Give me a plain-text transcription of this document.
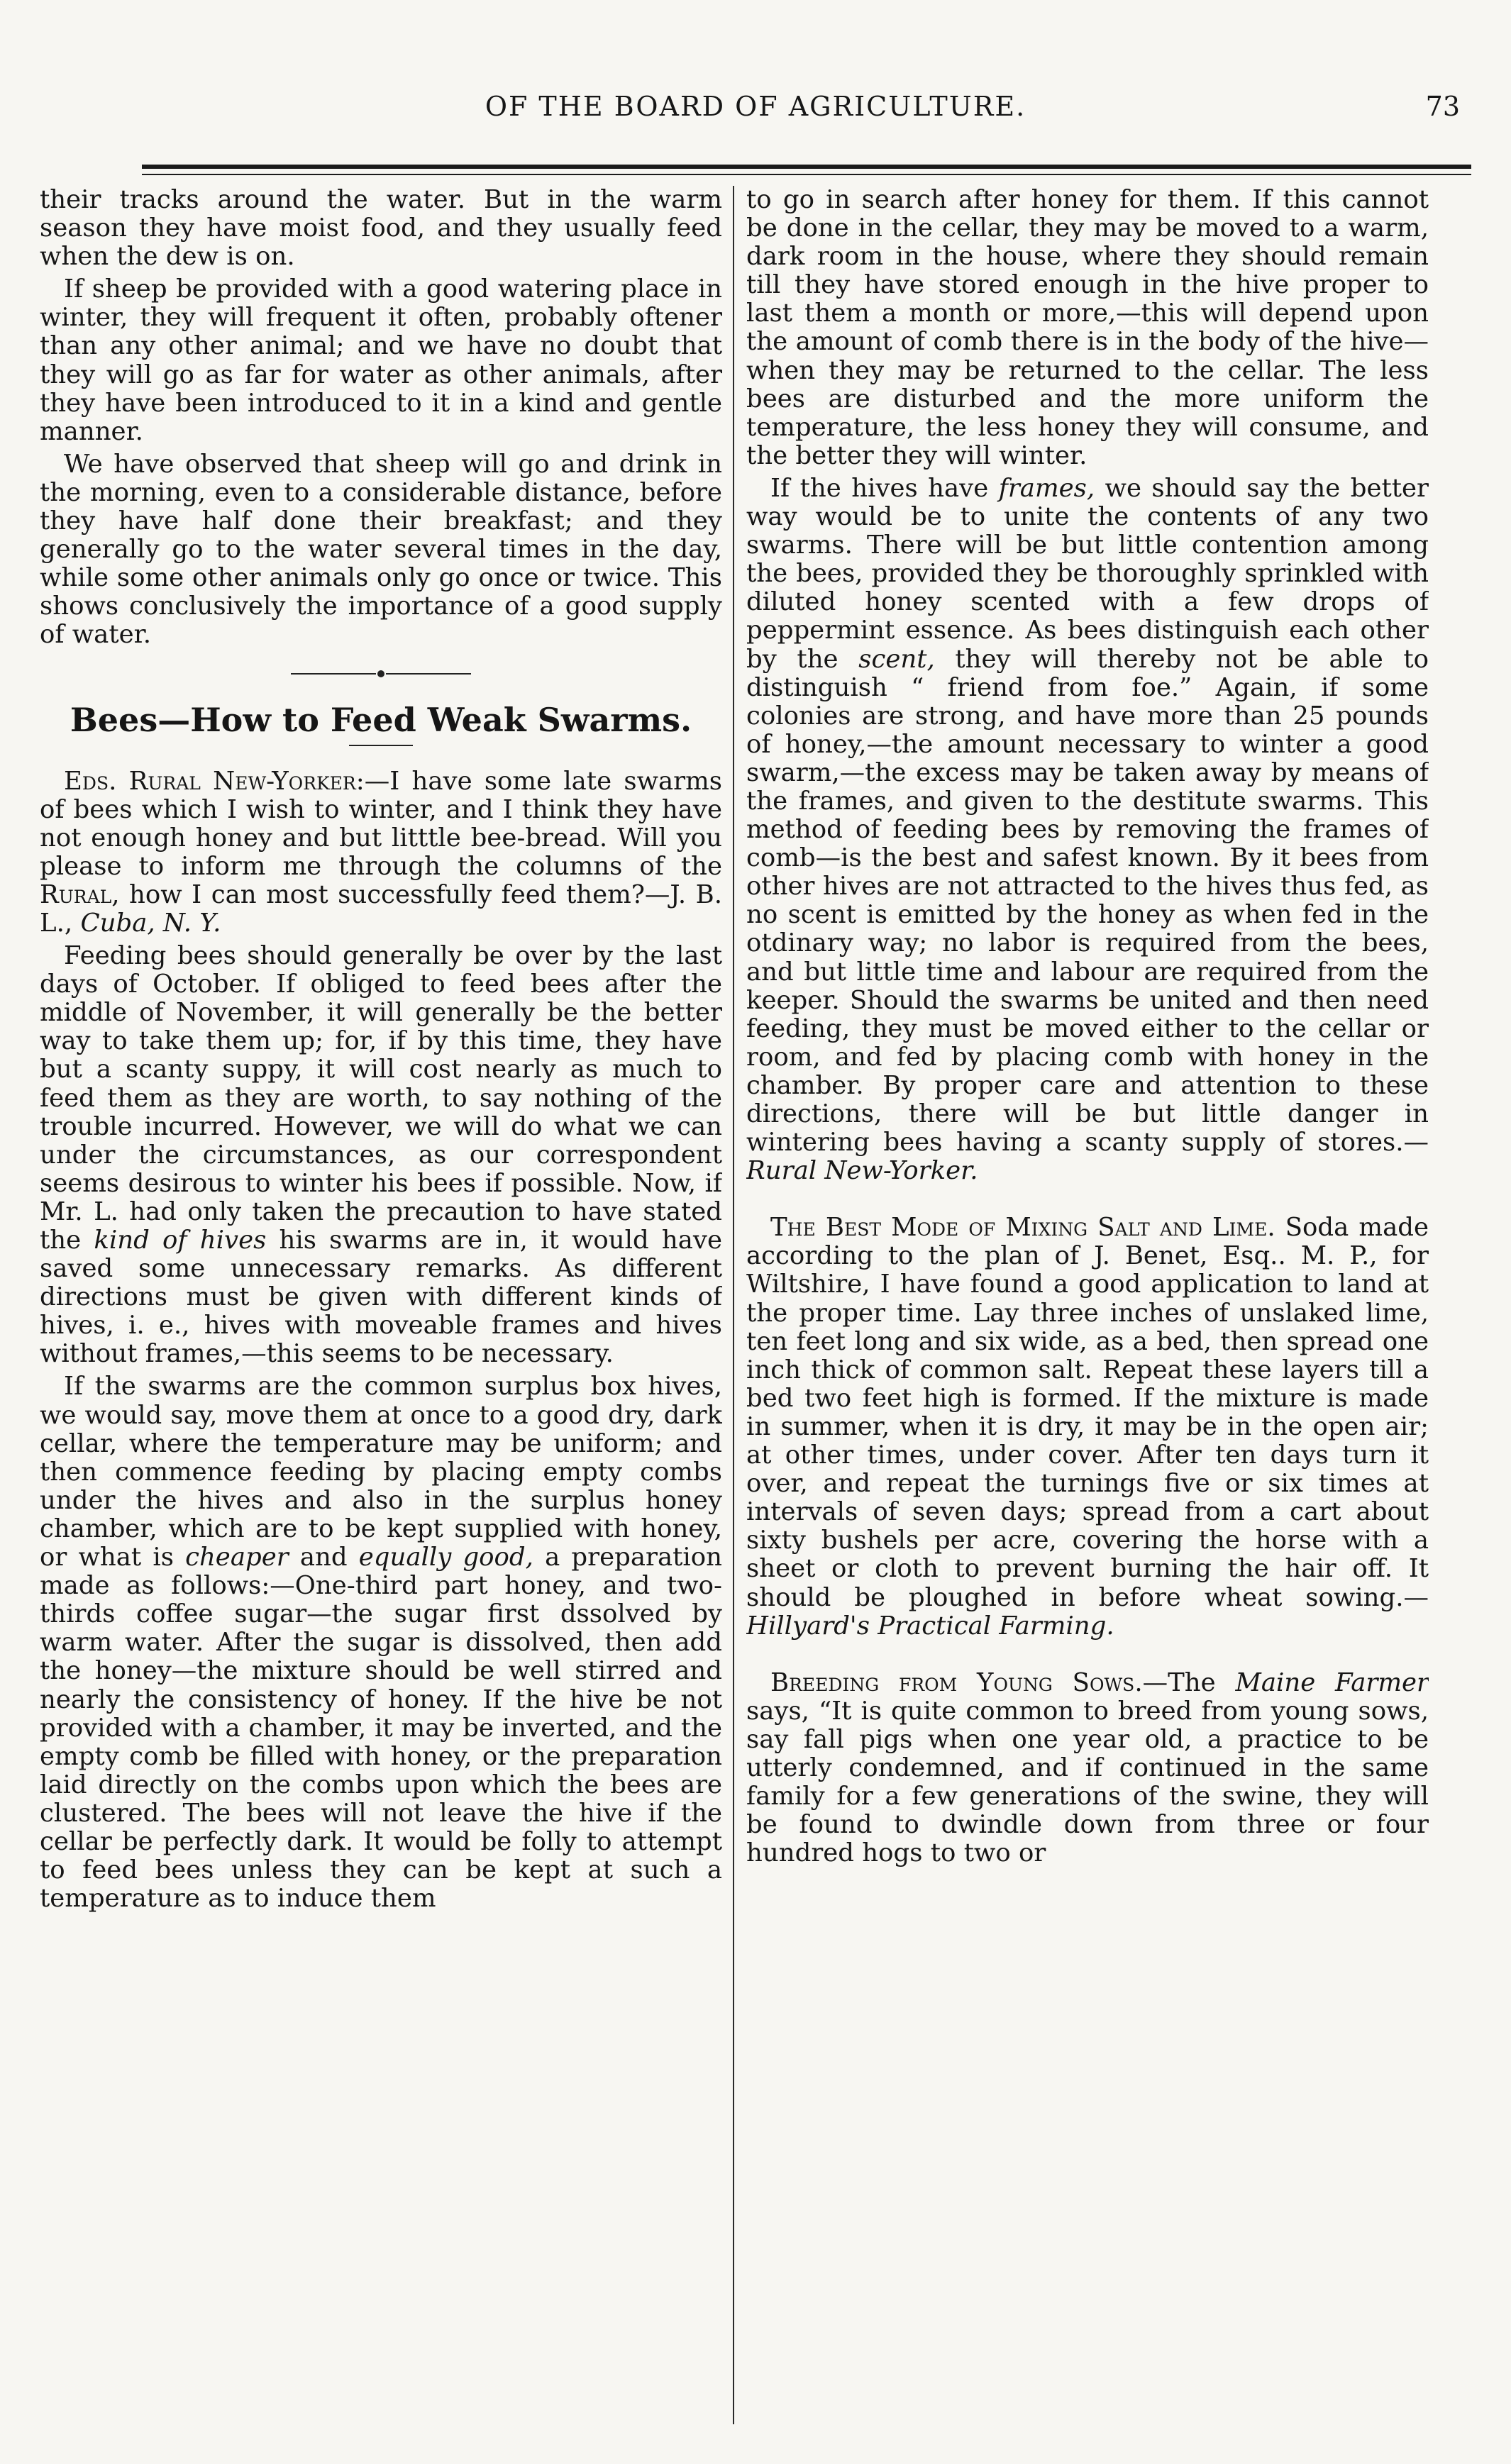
OF THE BOARD OF AGRICULTURE.	73

their tracks around the water. But in the warm season they have moist food, and they usually feed when the dew is on.

If sheep be provided with a good watering place in winter, they will frequent it often, probably oftener than any other animal; and we have no doubt that they will go as far for water as other animals, after they have been introduced to it in a kind and gentle manner.

We have observed that sheep will go and drink in the morning, even to a considerable distance, before they have half done their breakfast; and they generally go to the water several times in the day, while some other animals only go once or twice. This shows conclusively the importance of a good supply of water.

Bees—How to Feed Weak Swarms.

Eds. Rural New-Yorker:—I have some late swarms of bees which I wish to winter, and I think they have not enough honey and but litttle bee-bread. Will you please to inform me through the columns of the Rural, how I can most successfully feed them?—J. B. L., Cuba, N. Y.

Feeding bees should generally be over by the last days of October. If obliged to feed bees after the middle of November, it will generally be the better way to take them up; for, if by this time, they have but a scanty suppy, it will cost nearly as much to feed them as they are worth, to say nothing of the trouble incurred. However, we will do what we can under the circumstances, as our correspondent seems desirous to winter his bees if possible. Now, if Mr. L. had only taken the precaution to have stated the kind of hives his swarms are in, it would have saved some unnecessary remarks. As different directions must be given with different kinds of hives, i. e., hives with moveable frames and hives without frames,—this seems to be necessary.

If the swarms are the common surplus box hives, we would say, move them at once to a good dry, dark cellar, where the temperature may be uniform; and then commence feeding by placing empty combs under the hives and also in the surplus honey chamber, which are to be kept supplied with honey, or what is cheaper and equally good, a preparation made as follows:—One-third part honey, and two-thirds coffee sugar—the sugar first dssolved by warm water. After the sugar is dissolved, then add the honey—the mixture should be well stirred and nearly the consistency of honey. If the hive be not provided with a chamber, it may be inverted, and the empty comb be filled with honey, or the preparation laid directly on the combs upon which the bees are clustered. The bees will not leave the hive if the cellar be perfectly dark. It would be folly to attempt to feed bees unless they can be kept at such a temperature as to induce them

to go in search after honey for them. If this cannot be done in the cellar, they may be moved to a warm, dark room in the house, where they should remain till they have stored enough in the hive proper to last them a month or more,—this will depend upon the amount of comb there is in the body of the hive—when they may be returned to the cellar. The less bees are disturbed and the more uniform the temperature, the less honey they will consume, and the better they will winter.

If the hives have frames, we should say the better way would be to unite the contents of any two swarms. There will be but little contention among the bees, provided they be thoroughly sprinkled with diluted honey scented with a few drops of peppermint essence. As bees distinguish each other by the scent, they will thereby not be able to distinguish “ friend from foe.” Again, if some colonies are strong, and have more than 25 pounds of honey,—the amount necessary to winter a good swarm,—the excess may be taken away by means of the frames, and given to the destitute swarms. This method of feeding bees by removing the frames of comb—is the best and safest known. By it bees from other hives are not attracted to the hives thus fed, as no scent is emitted by the honey as when fed in the otdinary way; no labor is required from the bees, and but little time and labour are required from the keeper. Should the swarms be united and then need feeding, they must be moved either to the cellar or room, and fed by placing comb with honey in the chamber. By proper care and attention to these directions, there will be but little danger in wintering bees having a scanty supply of stores.—Rural New-Yorker.

The Best Mode of Mixing Salt and Lime. Soda made according to the plan of J. Benet, Esq.. M. P., for Wiltshire, I have found a good application to land at the proper time. Lay three inches of unslaked lime, ten feet long and six wide, as a bed, then spread one inch thick of common salt. Repeat these layers till a bed two feet high is formed. If the mixture is made in summer, when it is dry, it may be in the open air; at other times, under cover. After ten days turn it over, and repeat the turnings five or six times at intervals of seven days; spread from a cart about sixty bushels per acre, covering the horse with a sheet or cloth to prevent burning the hair off. It should be ploughed in before wheat sowing.—Hillyard's Practical Farming.

Breeding from Young Sows.—The Maine Farmer says, “It is quite common to breed from young sows, say fall pigs when one year old, a practice to be utterly condemned, and if continued in the same family for a few generations of the swine, they will be found to dwindle down from three or four hundred hogs to two or
